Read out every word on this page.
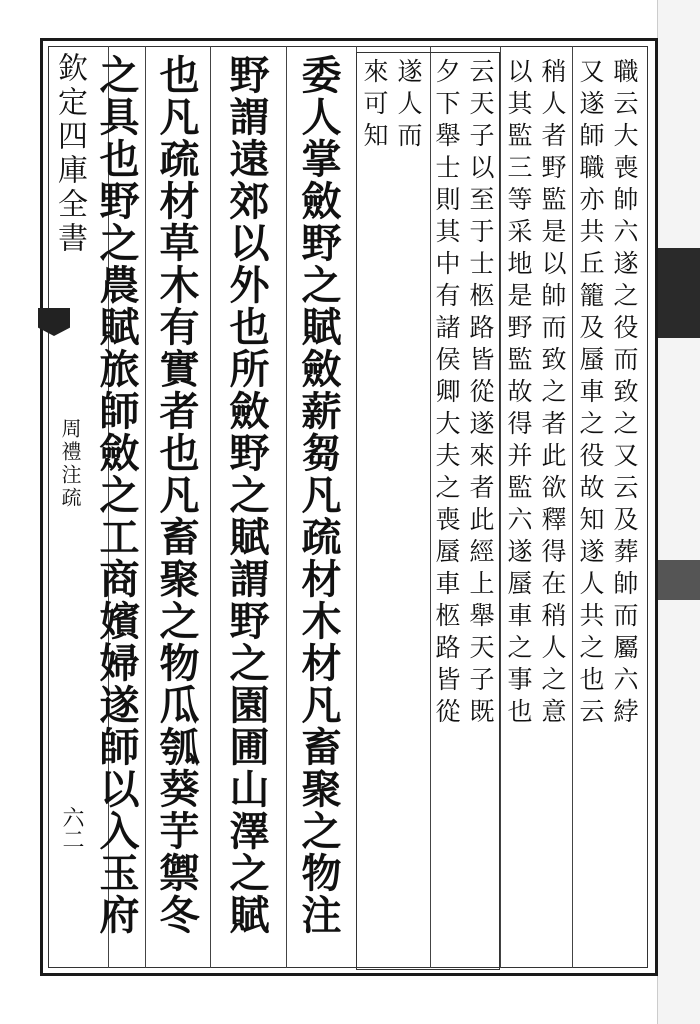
欽定四庫全書
周禮注疏
六二
職云大喪帥六遂之役而致之又云及葬帥而屬六綍
又遂師職亦共丘籠及蜃車之役故知遂人共之也云
稍人者野監是以帥而致之者此欲釋得在稍人之意
以其監三等采地是野監故得并監六遂蜃車之事也
云天子以至于士柩路皆從遂來者此經上舉天子既
夕下舉士則其中有諸侯卿大夫之喪蜃車柩路皆從
遂人而
來可知
委人掌斂野之賦斂薪芻凡疏材木材凡畜聚之物注
野謂遠郊以外也所斂野之賦謂野之園圃山澤之賦
也凡疏材草木有實者也凡畜聚之物瓜瓠葵芋禦冬
之具也野之農賦旅師斂之工商嬪婦遂師以入玉府
